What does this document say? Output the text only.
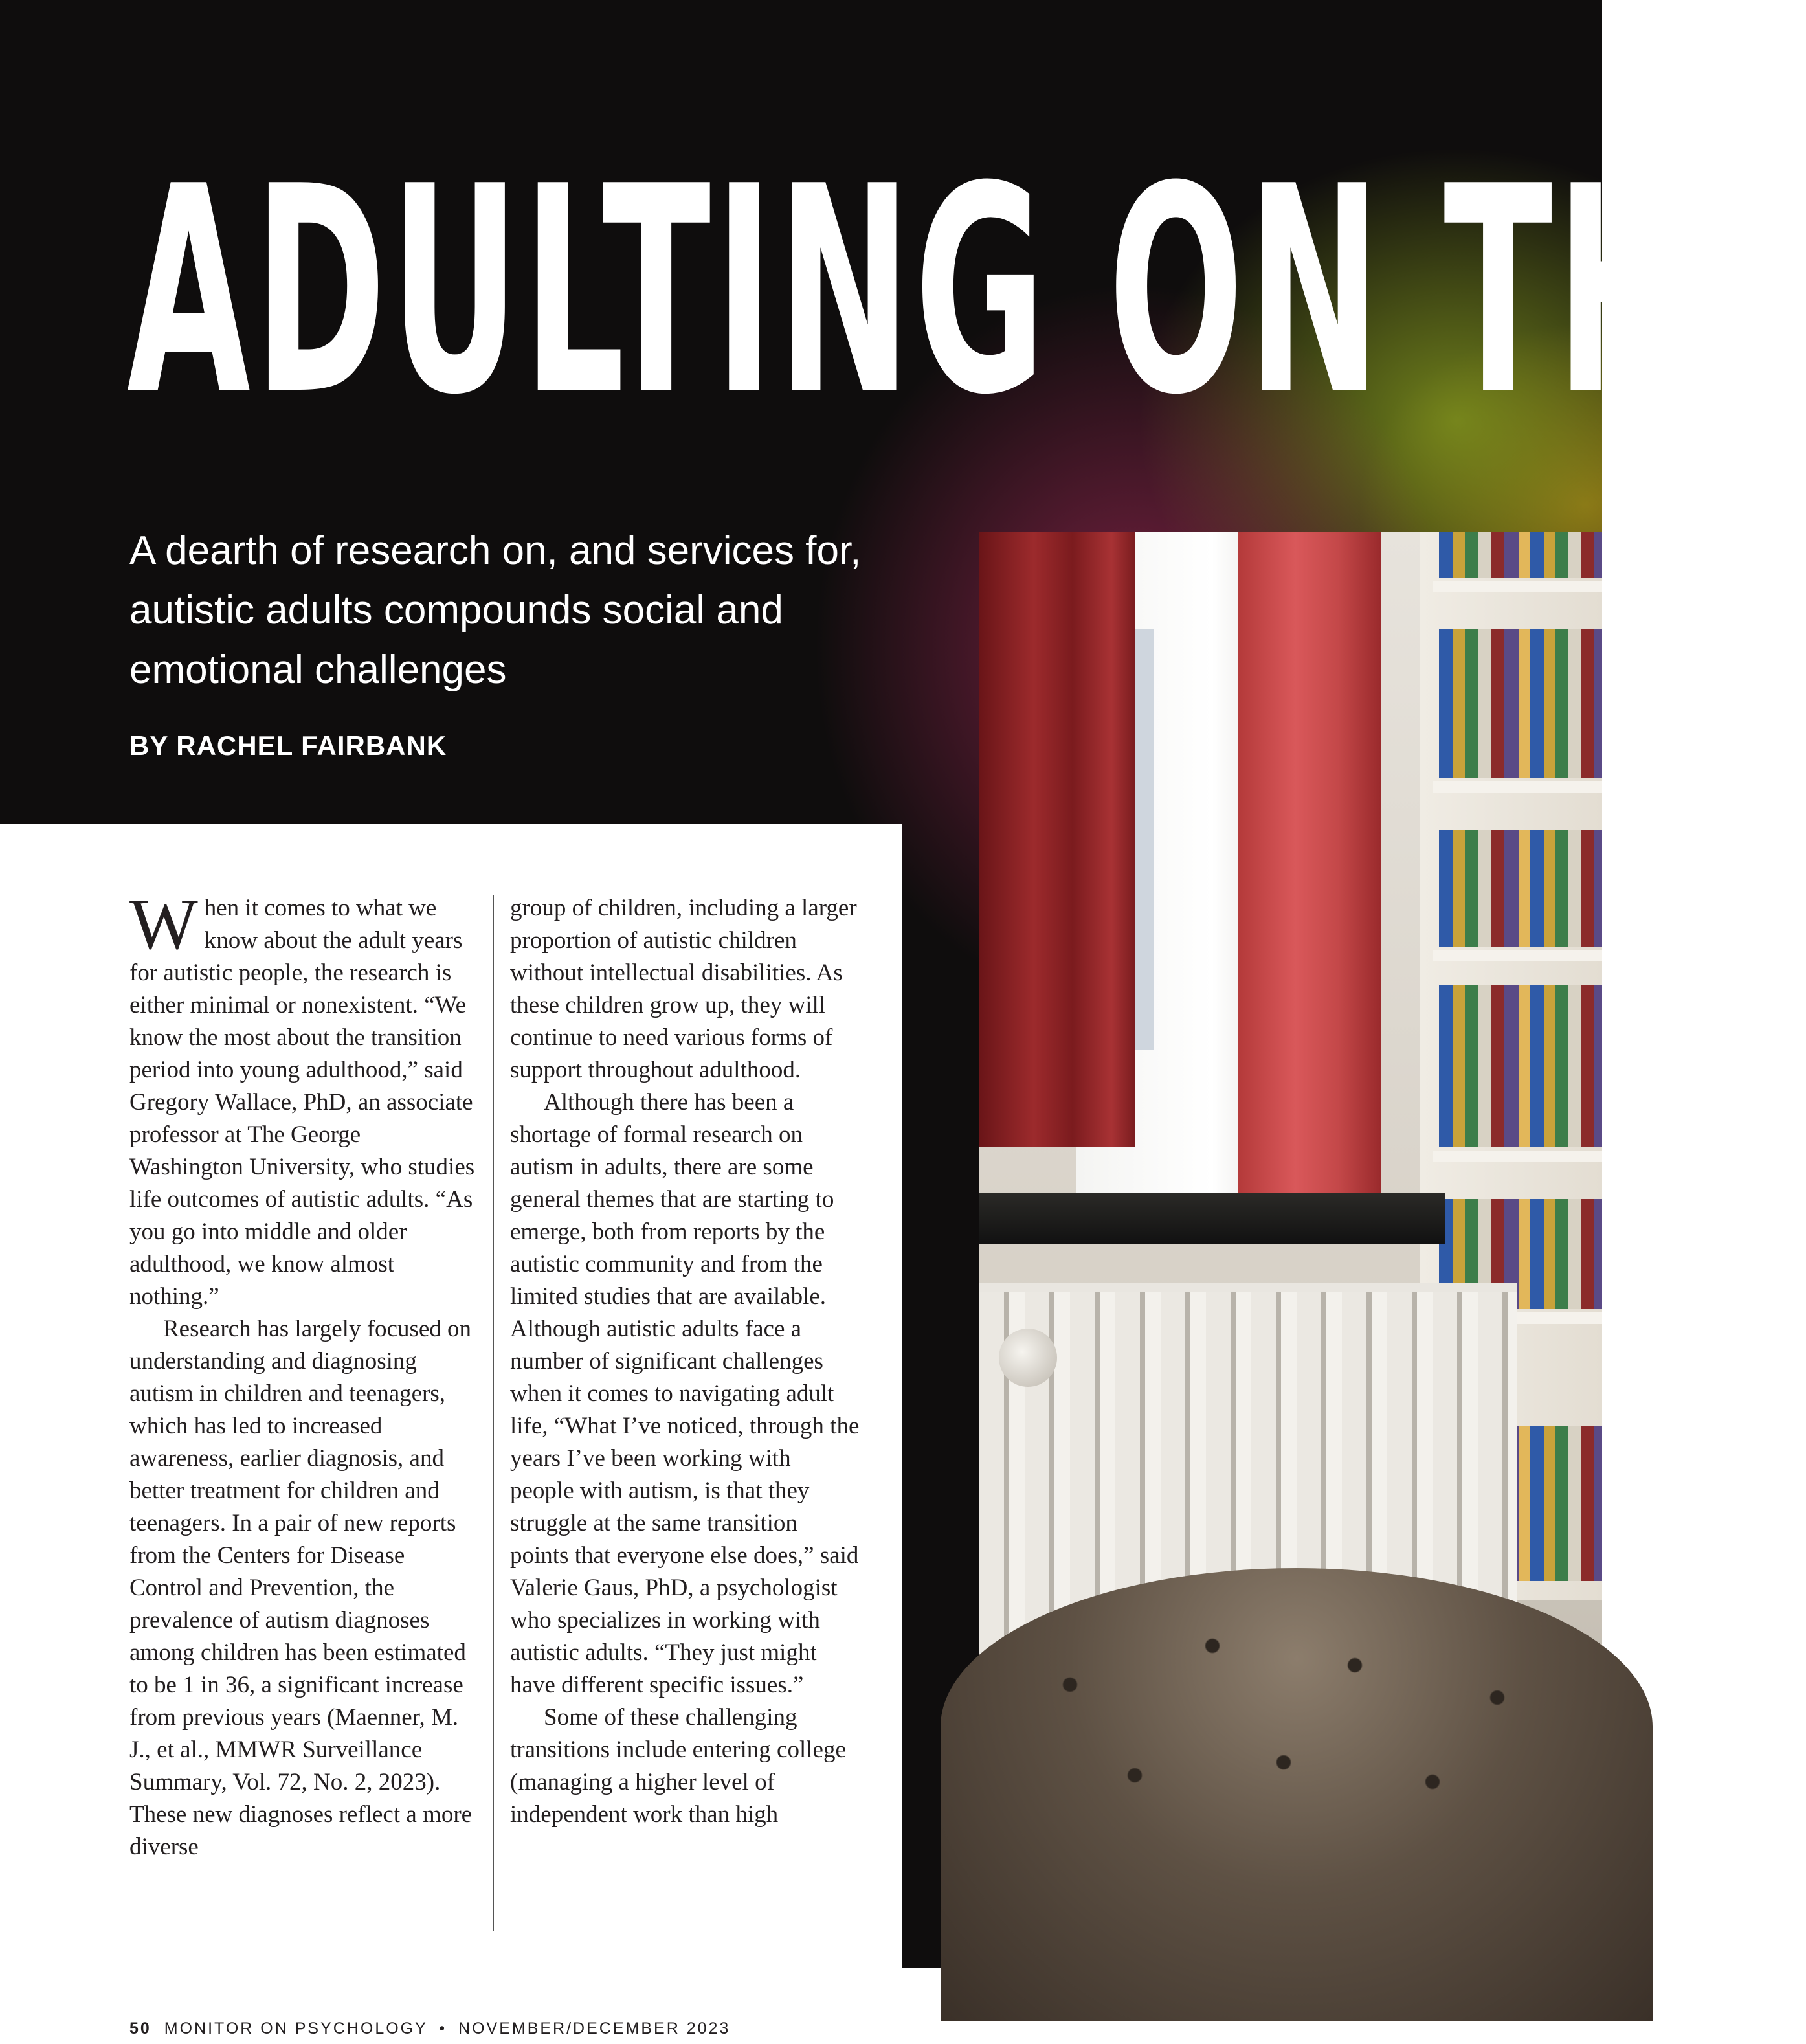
ADULTING ON THE
A dearth of research on, and services for, autistic adults compounds social and emotional challenges
BY RACHEL FAIRBANK

When it comes to what we know about the adult years for autistic people, the research is either minimal or nonexistent. “We know the most about the transition period into young adulthood,” said Gregory Wallace, PhD, an associate professor at The George Washington University, who studies life outcomes of autistic adults. “As you go into middle and older adulthood, we know almost nothing.”

Research has largely focused on understanding and diagnosing autism in children and teenagers, which has led to increased awareness, earlier diagnosis, and better treatment for children and teenagers. In a pair of new reports from the Centers for Disease Control and Prevention, the prevalence of autism diagnoses among children has been estimated to be 1 in 36, a significant increase from previous years (Maenner, M. J., et al., MMWR Surveillance Summary, Vol. 72, No. 2, 2023). These new diagnoses reflect a more diverse

group of children, including a larger proportion of autistic children without intellectual disabilities. As these children grow up, they will continue to need various forms of support throughout adulthood.

Although there has been a shortage of formal research on autism in adults, there are some general themes that are starting to emerge, both from reports by the autistic community and from the limited studies that are available. Although autistic adults face a number of significant challenges when it comes to navigating adult life, “What I’ve noticed, through the years I’ve been working with people with autism, is that they struggle at the same transition points that everyone else does,” said Valerie Gaus, PhD, a psychologist who specializes in working with autistic adults. “They just might have different specific issues.”

Some of these challenging transitions include entering college (managing a higher level of independent work than high

50 MONITOR ON PSYCHOLOGY • NOVEMBER/DECEMBER 2023
